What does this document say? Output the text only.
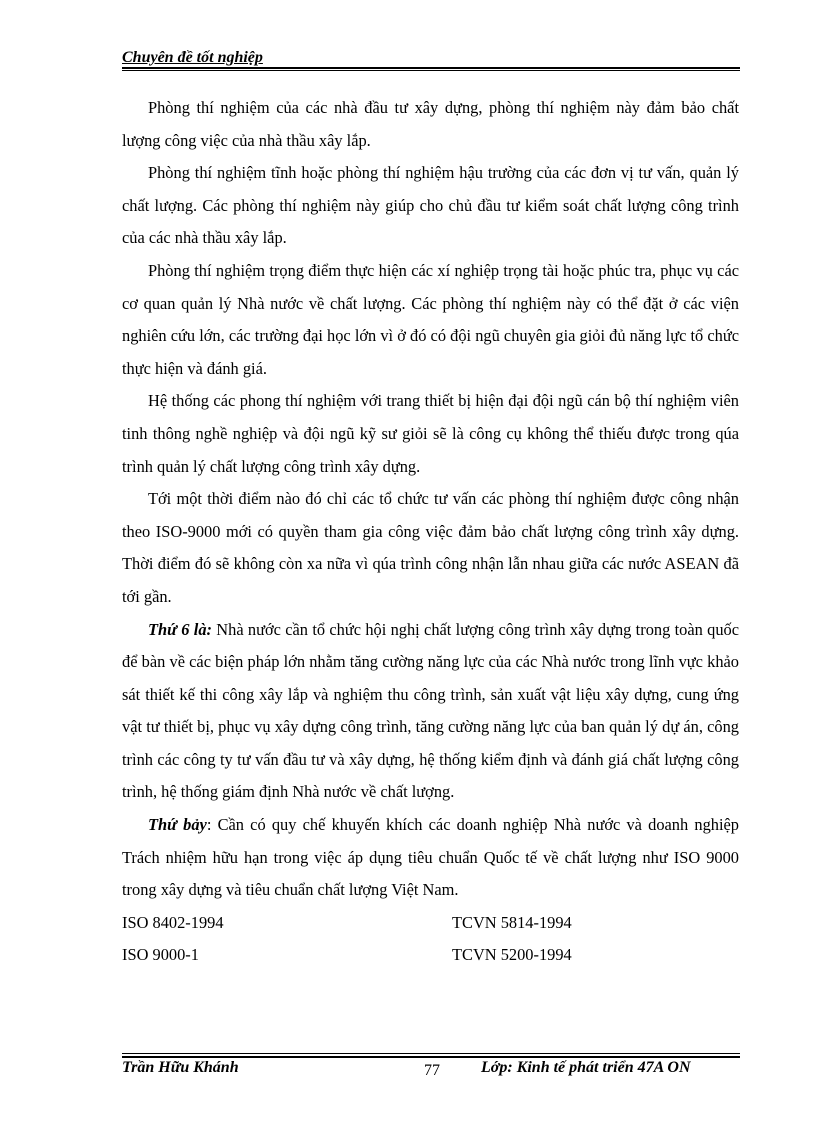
Chuyên đề tốt nghiệp

Phòng thí nghiệm của các nhà đầu tư xây dựng, phòng thí nghiệm này đảm bảo chất lượng công việc của nhà thầu xây lắp.

Phòng thí nghiệm tĩnh hoặc phòng thí nghiệm hậu trường của các đơn vị tư vấn, quản lý chất lượng. Các phòng thí nghiệm này giúp cho chủ đầu tư kiểm soát chất lượng công trình của các nhà thầu xây lắp.

Phòng thí nghiệm trọng điểm thực hiện các xí nghiệp trọng tài hoặc phúc tra, phục vụ các cơ quan quản lý Nhà nước về chất lượng. Các phòng thí nghiệm này có thể đặt ở các viện nghiên cứu lớn, các trường đại học lớn vì ở đó có đội ngũ chuyên gia giỏi đủ năng lực tổ chức thực hiện và đánh giá.

Hệ thống các phong thí nghiệm với trang thiết bị hiện đại đội ngũ cán bộ thí nghiệm viên tinh thông nghề nghiệp và đội ngũ kỹ sư giỏi sẽ là công cụ không thể thiếu được trong qúa trình quản lý chất lượng công trình xây dựng.

Tới một thời điểm nào đó chỉ các tổ chức tư vấn các phòng thí nghiệm được công nhận theo ISO-9000 mới có quyền tham gia công việc đảm bảo chất lượng công trình xây dựng. Thời điểm đó sẽ không còn xa nữa vì qúa trình công nhận lẫn nhau giữa các nước ASEAN đã tới gần.

Thứ 6 là: Nhà nước cần tổ chức hội nghị chất lượng công trình xây dựng trong toàn quốc để bàn về các biện pháp lớn nhằm tăng cường năng lực của các Nhà nước trong lĩnh vực khảo sát thiết kế thi công xây lắp và nghiệm thu công trình, sản xuất vật liệu xây dựng, cung ứng vật tư thiết bị, phục vụ xây dựng công trình, tăng cường năng lực của ban quản lý dự án, công trình các công ty tư vấn đầu tư và xây dựng, hệ thống kiểm định và đánh giá chất lượng công trình, hệ thống giám định Nhà nước về chất lượng.

Thứ bảy: Cần có quy chế khuyến khích các doanh nghiệp Nhà nước và doanh nghiệp Trách nhiệm hữu hạn trong việc áp dụng tiêu chuẩn Quốc tế về chất lượng như ISO 9000 trong xây dựng và tiêu chuẩn chất lượng Việt Nam.

ISO 8402-1994	TCVN 5814-1994
ISO 9000-1	TCVN 5200-1994
Trần Hữu Khánh	77	Lớp: Kinh tế phát triển 47A ON
